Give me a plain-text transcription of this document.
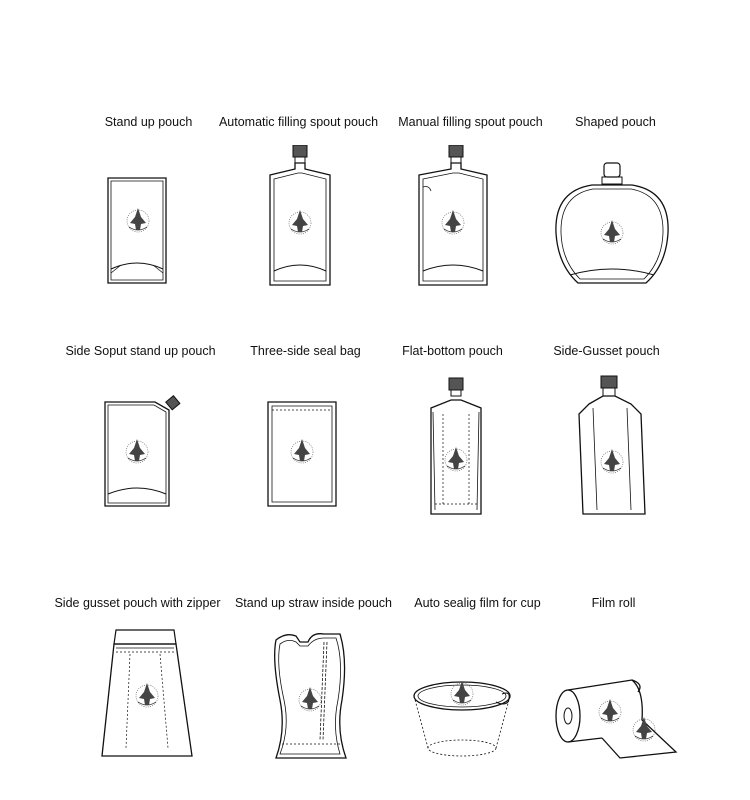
Stand up pouch	Automatic filling spout pouch	Manual filling spout pouch	Shaped pouch
Side Soput stand up pouch	Three-side seal bag	Flat-bottom pouch	Side-Gusset pouch
Side gusset pouch with zipper	Stand up straw inside pouch	Auto sealig film for cup	Film roll
